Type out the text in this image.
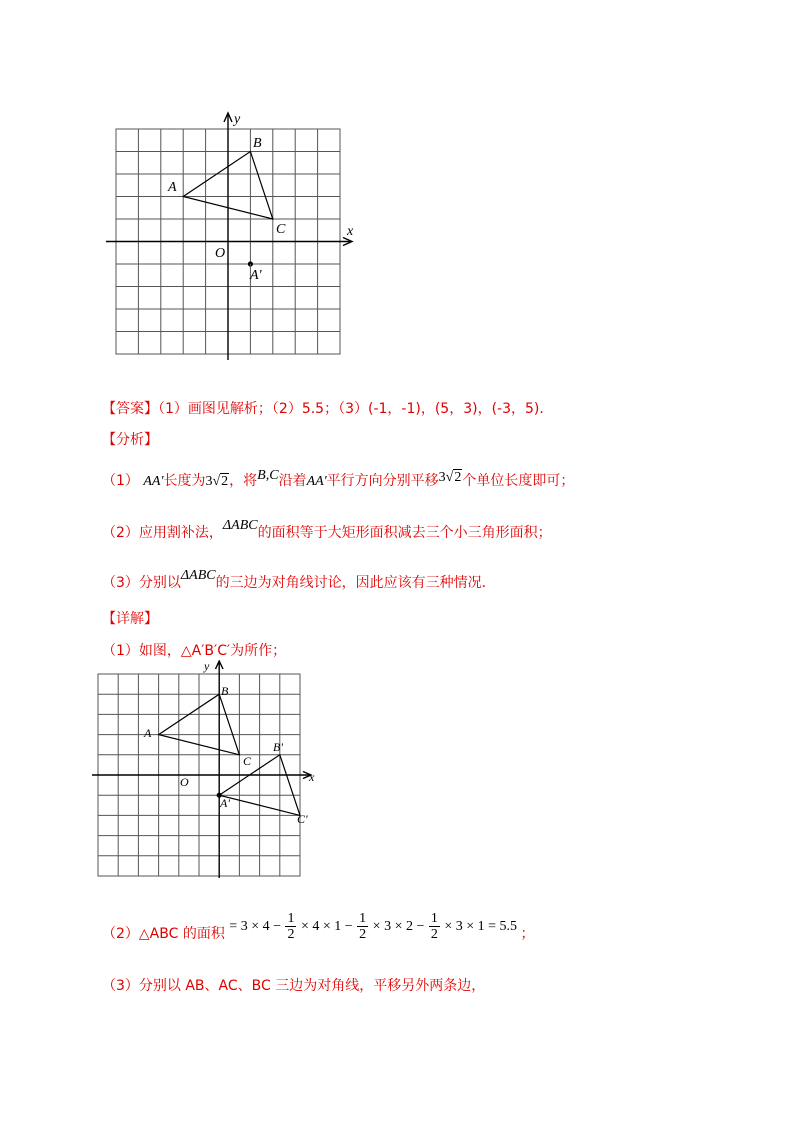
y
x
B
A
C
O
A'
【答案】（1）画图见解析；（2）5.5；（3）(-1，-1)，(5，3)，(-3，5)．
【分析】
（1） AA'长度为3√2，将B,C沿着AA'平行方向分别平移3√2个单位长度即可；
（2）应用割补法，ΔABC的面积等于大矩形面积减去三个小三角形面积；
（3）分别以ΔABC的三边为对角线讨论，因此应该有三种情况．
【详解】
（1）如图，△A′B′C′为所作；
y
x
B
A
C
O
A'
B'
C'
（2）△ABC 的面积 = $3 \times 4 - \frac{1}{2} \times 4 \times 1 - \frac{1}{2} \times 3 \times 2 - \frac{1}{2} \times 3 \times 1 = 5.5$ ；
（3）分别以 AB、AC、BC 三边为对角线，平移另外两条边，
